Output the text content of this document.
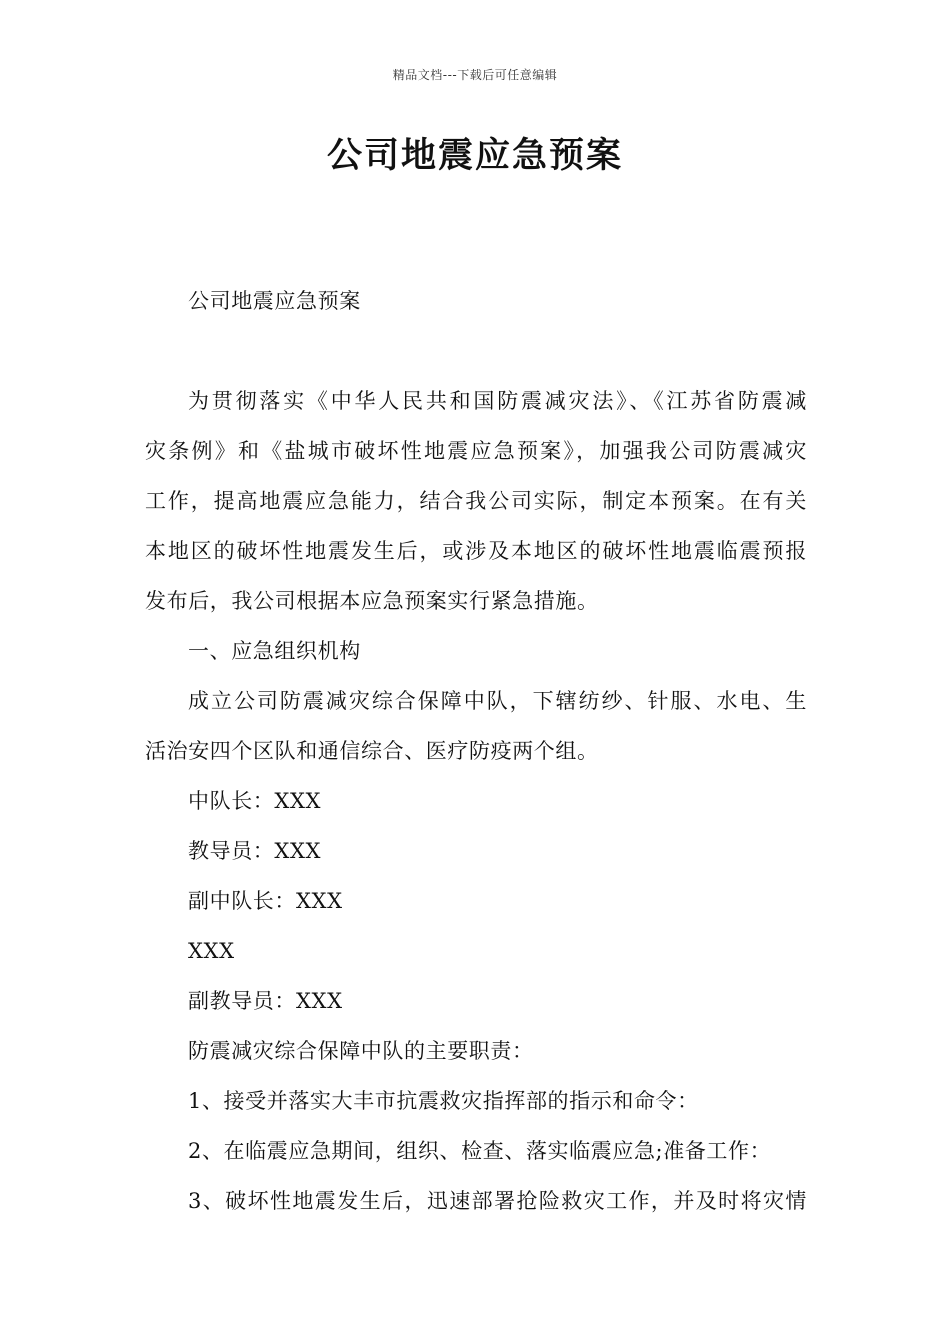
精品文档---下载后可任意编辑
公司地震应急预案

公司地震应急预案

为贯彻落实《中华人民共和国防震减灾法》、《江苏省防震减

灾条例》和《盐城市破坏性地震应急预案》，加强我公司防震减灾

工作，提高地震应急能力，结合我公司实际，制定本预案。在有关

本地区的破坏性地震发生后，或涉及本地区的破坏性地震临震预报

发布后，我公司根据本应急预案实行紧急措施。

一、应急组织机构

成立公司防震减灾综合保障中队，下辖纺纱、针服、水电、生

活治安四个区队和通信综合、医疗防疫两个组。

中队长：XXX

教导员：XXX

副中队长：XXX

XXX

副教导员：XXX

防震减灾综合保障中队的主要职责：

1、接受并落实大丰市抗震救灾指挥部的指示和命令：

2、在临震应急期间，组织、检查、落实临震应急;准备工作：

3、破坏性地震发生后，迅速部署抢险救灾工作，并及时将灾情
